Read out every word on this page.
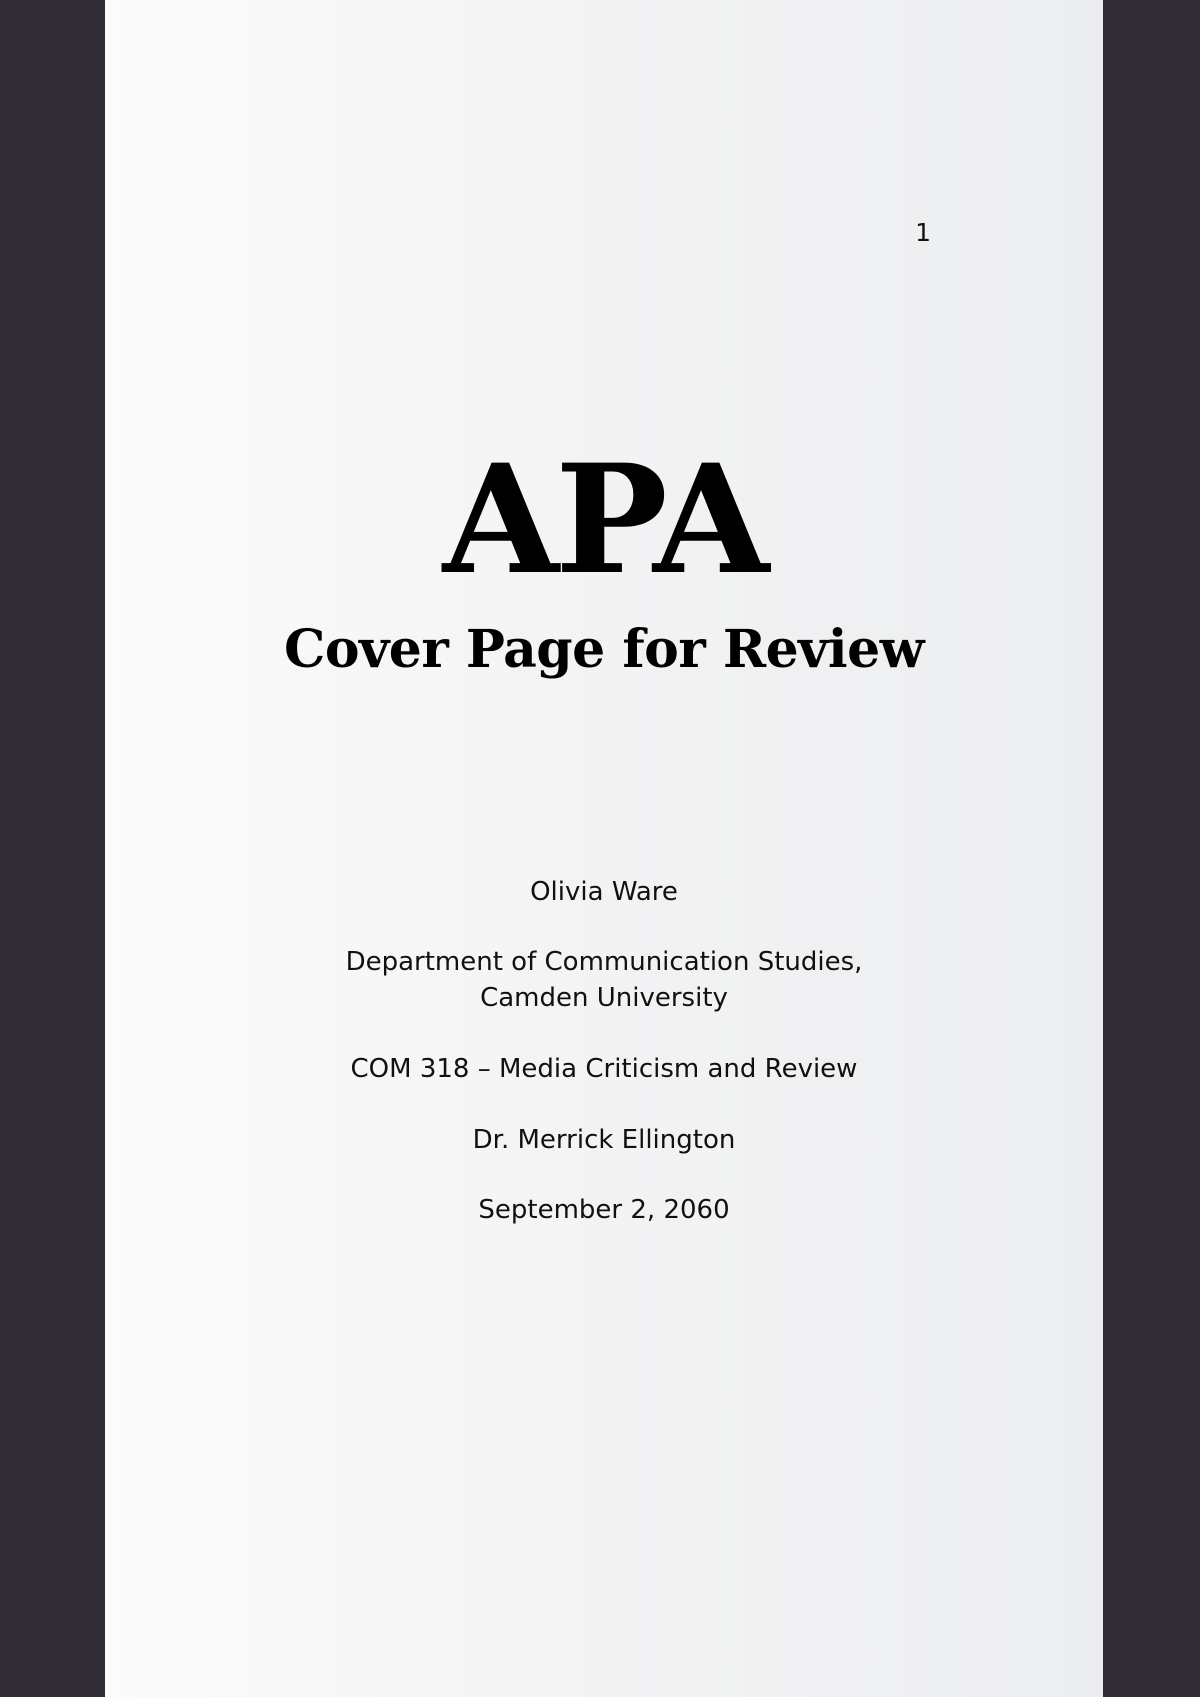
1
APA
Cover Page for Review
Olivia Ware
Department of Communication Studies,
Camden University
COM 318 – Media Criticism and Review
Dr. Merrick Ellington
September 2, 2060
